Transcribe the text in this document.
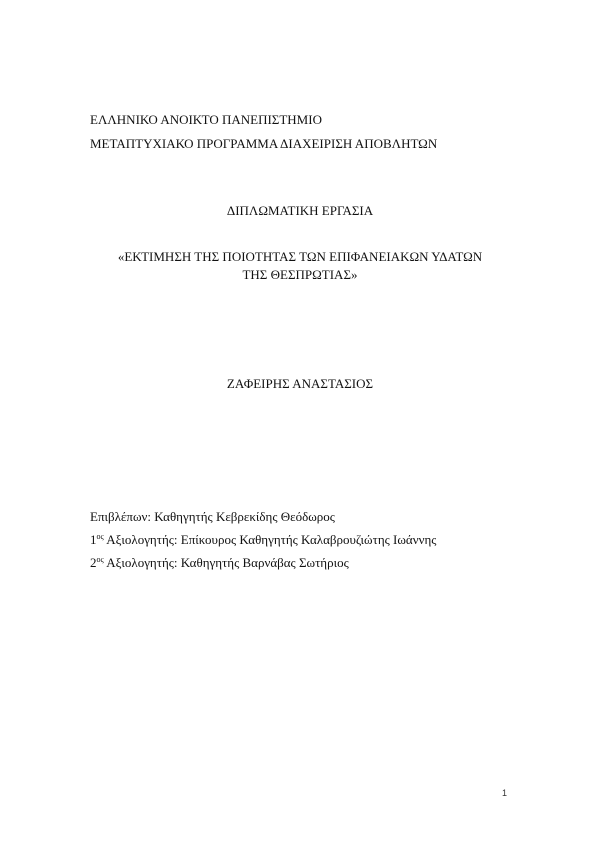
ΕΛΛΗΝΙΚΟ ΑΝΟΙΚΤΟ ΠΑΝΕΠΙΣΤΗΜΙΟ

ΜΕΤΑΠΤΥΧΙΑΚΟ ΠΡΟΓΡΑΜΜΑ ΔΙΑΧΕΙΡΙΣΗ ΑΠΟΒΛΗΤΩΝ

ΔΙΠΛΩΜΑΤΙΚΗ ΕΡΓΑΣΙΑ

«ΕΚΤΙΜΗΣΗ ΤΗΣ ΠΟΙΟΤΗΤΑΣ ΤΩΝ ΕΠΙΦΑΝΕΙΑΚΩΝ ΥΔΑΤΩΝ

ΤΗΣ ΘΕΣΠΡΩΤΙΑΣ»

ΖΑΦΕΙΡΗΣ ΑΝΑΣΤΑΣΙΟΣ

Επιβλέπων: Καθηγητής Κεβρεκίδης Θεόδωρος

$1^{o\varsigma}$ Αξιολογητής: Επίκουρος Καθηγητής Καλαβρουζιώτης Ιωάννης

$2^{o\varsigma}$ Αξιολογητής: Καθηγητής Βαρνάβας Σωτήριος

1
